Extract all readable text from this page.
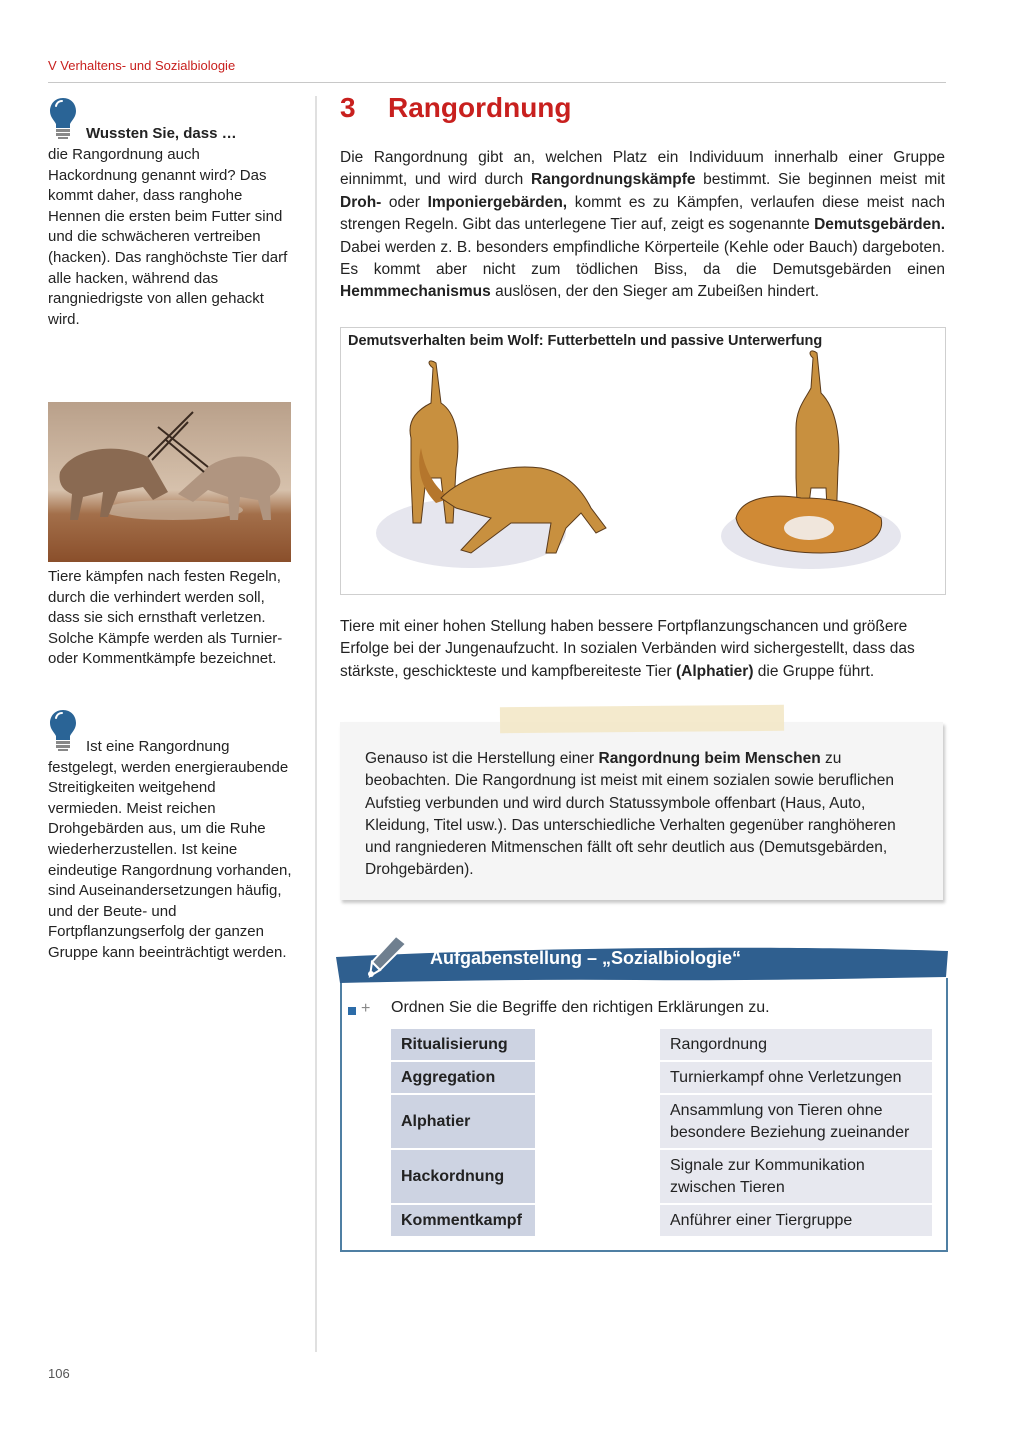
V Verhaltens- und Sozialbiologie
Wussten Sie, dass …
die Rangordnung auch Hackordnung genannt wird? Das kommt daher, dass ranghohe Hennen die ersten beim Futter sind und die schwächeren vertreiben (hacken). Das ranghöchste Tier darf alle hacken, während das rangniedrigste von allen gehackt wird.
Tiere kämpfen nach festen Regeln, durch die verhindert werden soll, dass sie sich ernsthaft verletzen. Solche Kämpfe werden als Turnier- oder Kommentkämpfe bezeichnet.
Ist eine Rangordnung festgelegt, werden energieraubende Streitigkeiten weitgehend vermieden. Meist reichen Drohgebärden aus, um die Ruhe wiederherzustellen. Ist keine eindeutige Rangordnung vorhanden, sind Auseinandersetzungen häufig, und der Beute- und Fortpflanzungserfolg der ganzen Gruppe kann beeinträchtigt werden.
3 Rangordnung
Die Rangordnung gibt an, welchen Platz ein Individuum innerhalb einer Gruppe einnimmt, und wird durch Rangordnungskämpfe bestimmt. Sie beginnen meist mit Droh- oder Imponiergebärden, kommt es zu Kämpfen, verlaufen diese meist nach strengen Regeln. Gibt das unterlegene Tier auf, zeigt es sogenannte Demutsgebärden. Dabei werden z. B. besonders empfindliche Körperteile (Kehle oder Bauch) dargeboten. Es kommt aber nicht zum tödlichen Biss, da die Demutsgebärden einen Hemmmechanismus auslösen, der den Sieger am Zubeißen hindert.
Demutsverhalten beim Wolf: Futterbetteln und passive Unterwerfung
Tiere mit einer hohen Stellung haben bessere Fortpflanzungschancen und größere Erfolge bei der Jungenaufzucht. In sozialen Verbänden wird sichergestellt, dass das stärkste, geschickteste und kampfbereiteste Tier (Alphatier) die Gruppe führt.
Genauso ist die Herstellung einer Rangordnung beim Menschen zu beobachten. Die Rangordnung ist meist mit einem sozialen sowie beruflichen Aufstieg verbunden und wird durch Statussymbole offenbart (Haus, Auto, Kleidung, Titel usw.). Das unterschiedliche Verhalten gegenüber ranghöheren und rangniederen Mitmenschen fällt oft sehr deutlich aus (Demutsgebärden, Drohgebärden).
Aufgabenstellung – „Sozialbiologie“
+ Ordnen Sie die Begriffe den richtigen Erklärungen zu.
Ritualisierung
Aggregation
Alphatier
Hackordnung
Kommentkampf
Rangordnung
Turnierkampf ohne Verletzungen
Ansammlung von Tieren ohne besondere Beziehung zueinander
Signale zur Kommunikation zwischen Tieren
Anführer einer Tiergruppe
106
